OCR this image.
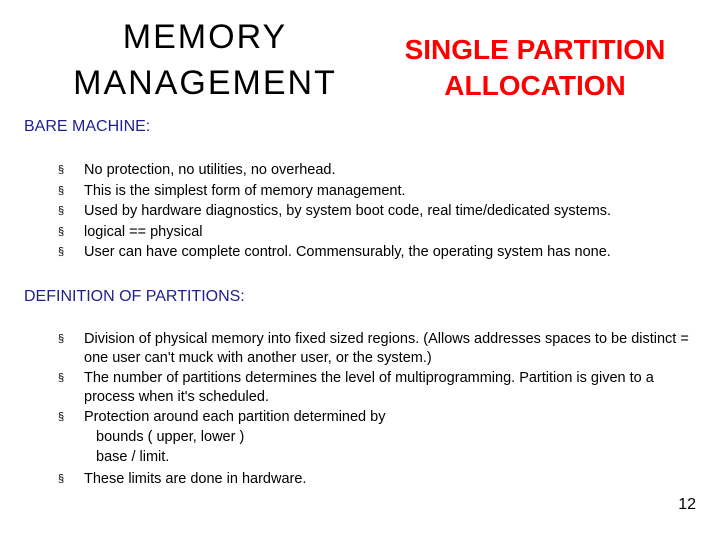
MEMORY
MANAGEMENT
SINGLE PARTITION
ALLOCATION
BARE MACHINE:
§ No protection, no utilities, no overhead.
§ This is the simplest form of memory management.
§ Used by hardware diagnostics, by system boot code, real time/dedicated systems.
§ logical == physical
§ User can have complete control. Commensurably, the operating system has none.
DEFINITION OF PARTITIONS:
§ Division of physical memory into fixed sized regions. (Allows addresses spaces to be distinct = one user can't muck with another user, or the system.)
§ The number of partitions determines the level of multiprogramming. Partition is given to a process when it's scheduled.
§ Protection around each partition determined by
bounds ( upper, lower )
base / limit.
§ These limits are done in hardware.
12
